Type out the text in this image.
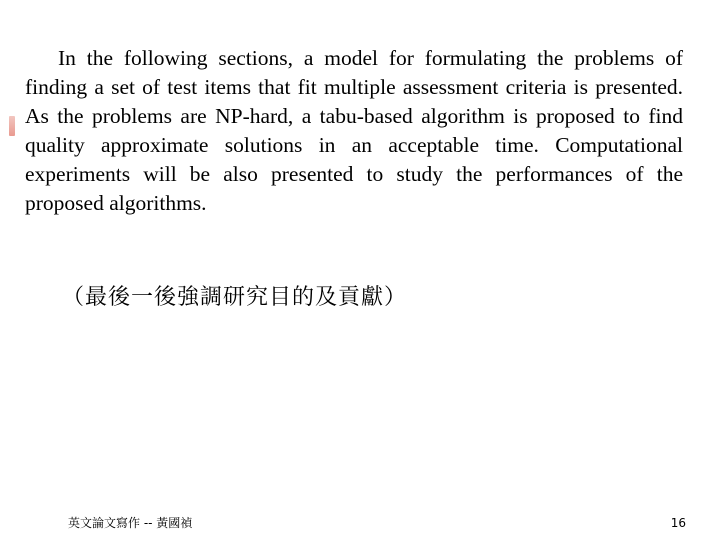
In the following sections, a model for formulating the problems of finding a set of test items that fit multiple assessment criteria is presented. As the problems are NP-hard, a tabu-based algorithm is proposed to find quality approximate solutions in an acceptable time. Computational experiments will be also presented to study the performances of the proposed algorithms.

（最後一後強調研究目的及貢獻）

英文論文寫作 -- 黃國禎	16
